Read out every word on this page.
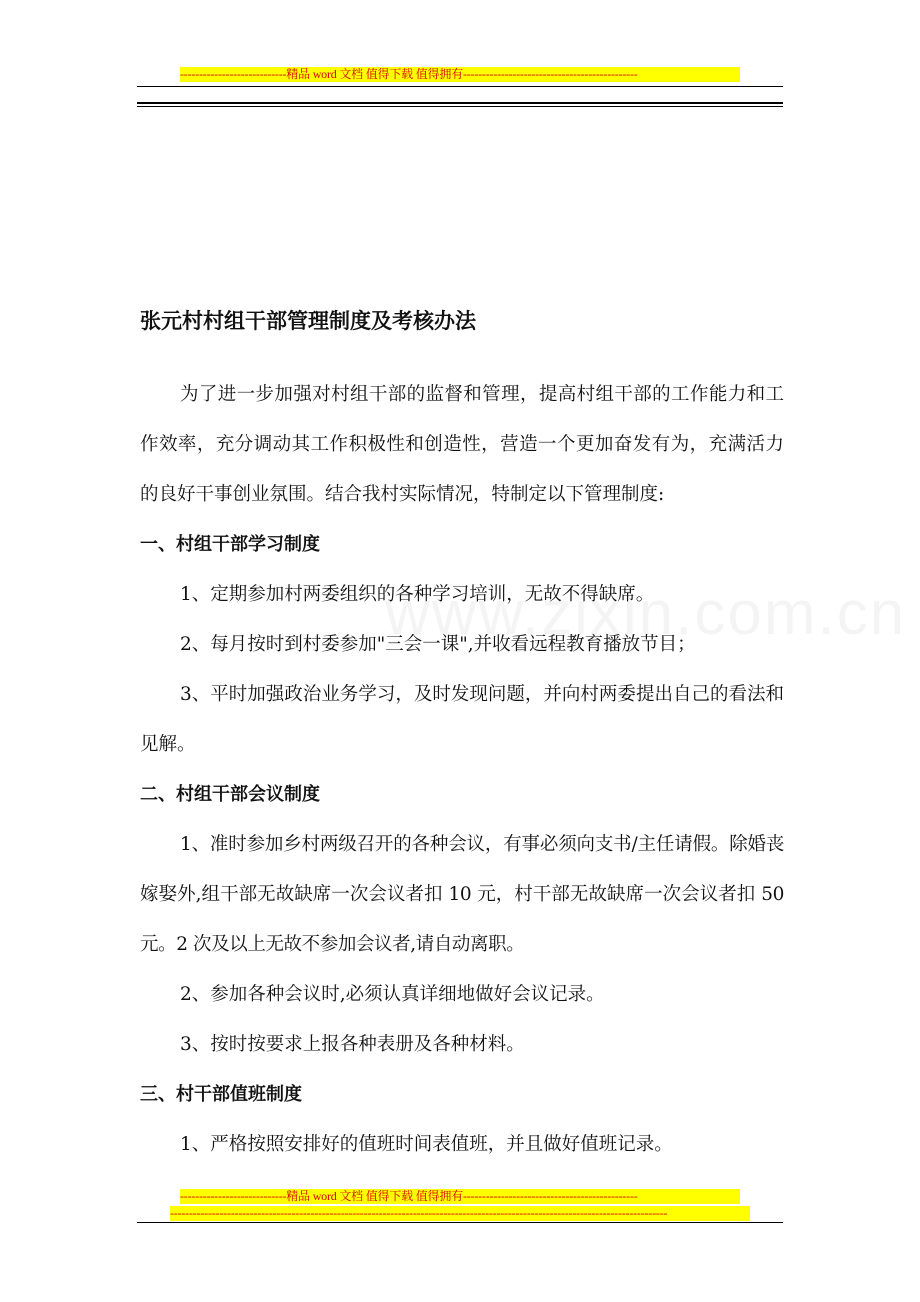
----------------------------精品 word 文档 值得下载 值得拥有----------------------------------------------
张元村村组干部管理制度及考核办法

为了进一步加强对村组干部的监督和管理，提高村组干部的工作能力和工作效率，充分调动其工作积极性和创造性，营造一个更加奋发有为，充满活力的良好干事创业氛围。结合我村实际情况，特制定以下管理制度:

一、村组干部学习制度

1、定期参加村两委组织的各种学习培训，无故不得缺席。

2、每月按时到村委参加"三会一课",并收看远程教育播放节目；

3、平时加强政治业务学习，及时发现问题，并向村两委提出自己的看法和见解。

二、村组干部会议制度

1、准时参加乡村两级召开的各种会议，有事必须向支书/主任请假。除婚丧嫁娶外,组干部无故缺席一次会议者扣 10 元，村干部无故缺席一次会议者扣 50 元。2 次及以上无故不参加会议者,请自动离职。

2、参加各种会议时,必须认真详细地做好会议记录。

3、按时按要求上报各种表册及各种材料。

三、村干部值班制度

1、严格按照安排好的值班时间表值班，并且做好值班记录。

----------------------------精品 word 文档 值得下载 值得拥有----------------------------------------------
-----------------------------------------------------------------------------------------------------------------------------------
